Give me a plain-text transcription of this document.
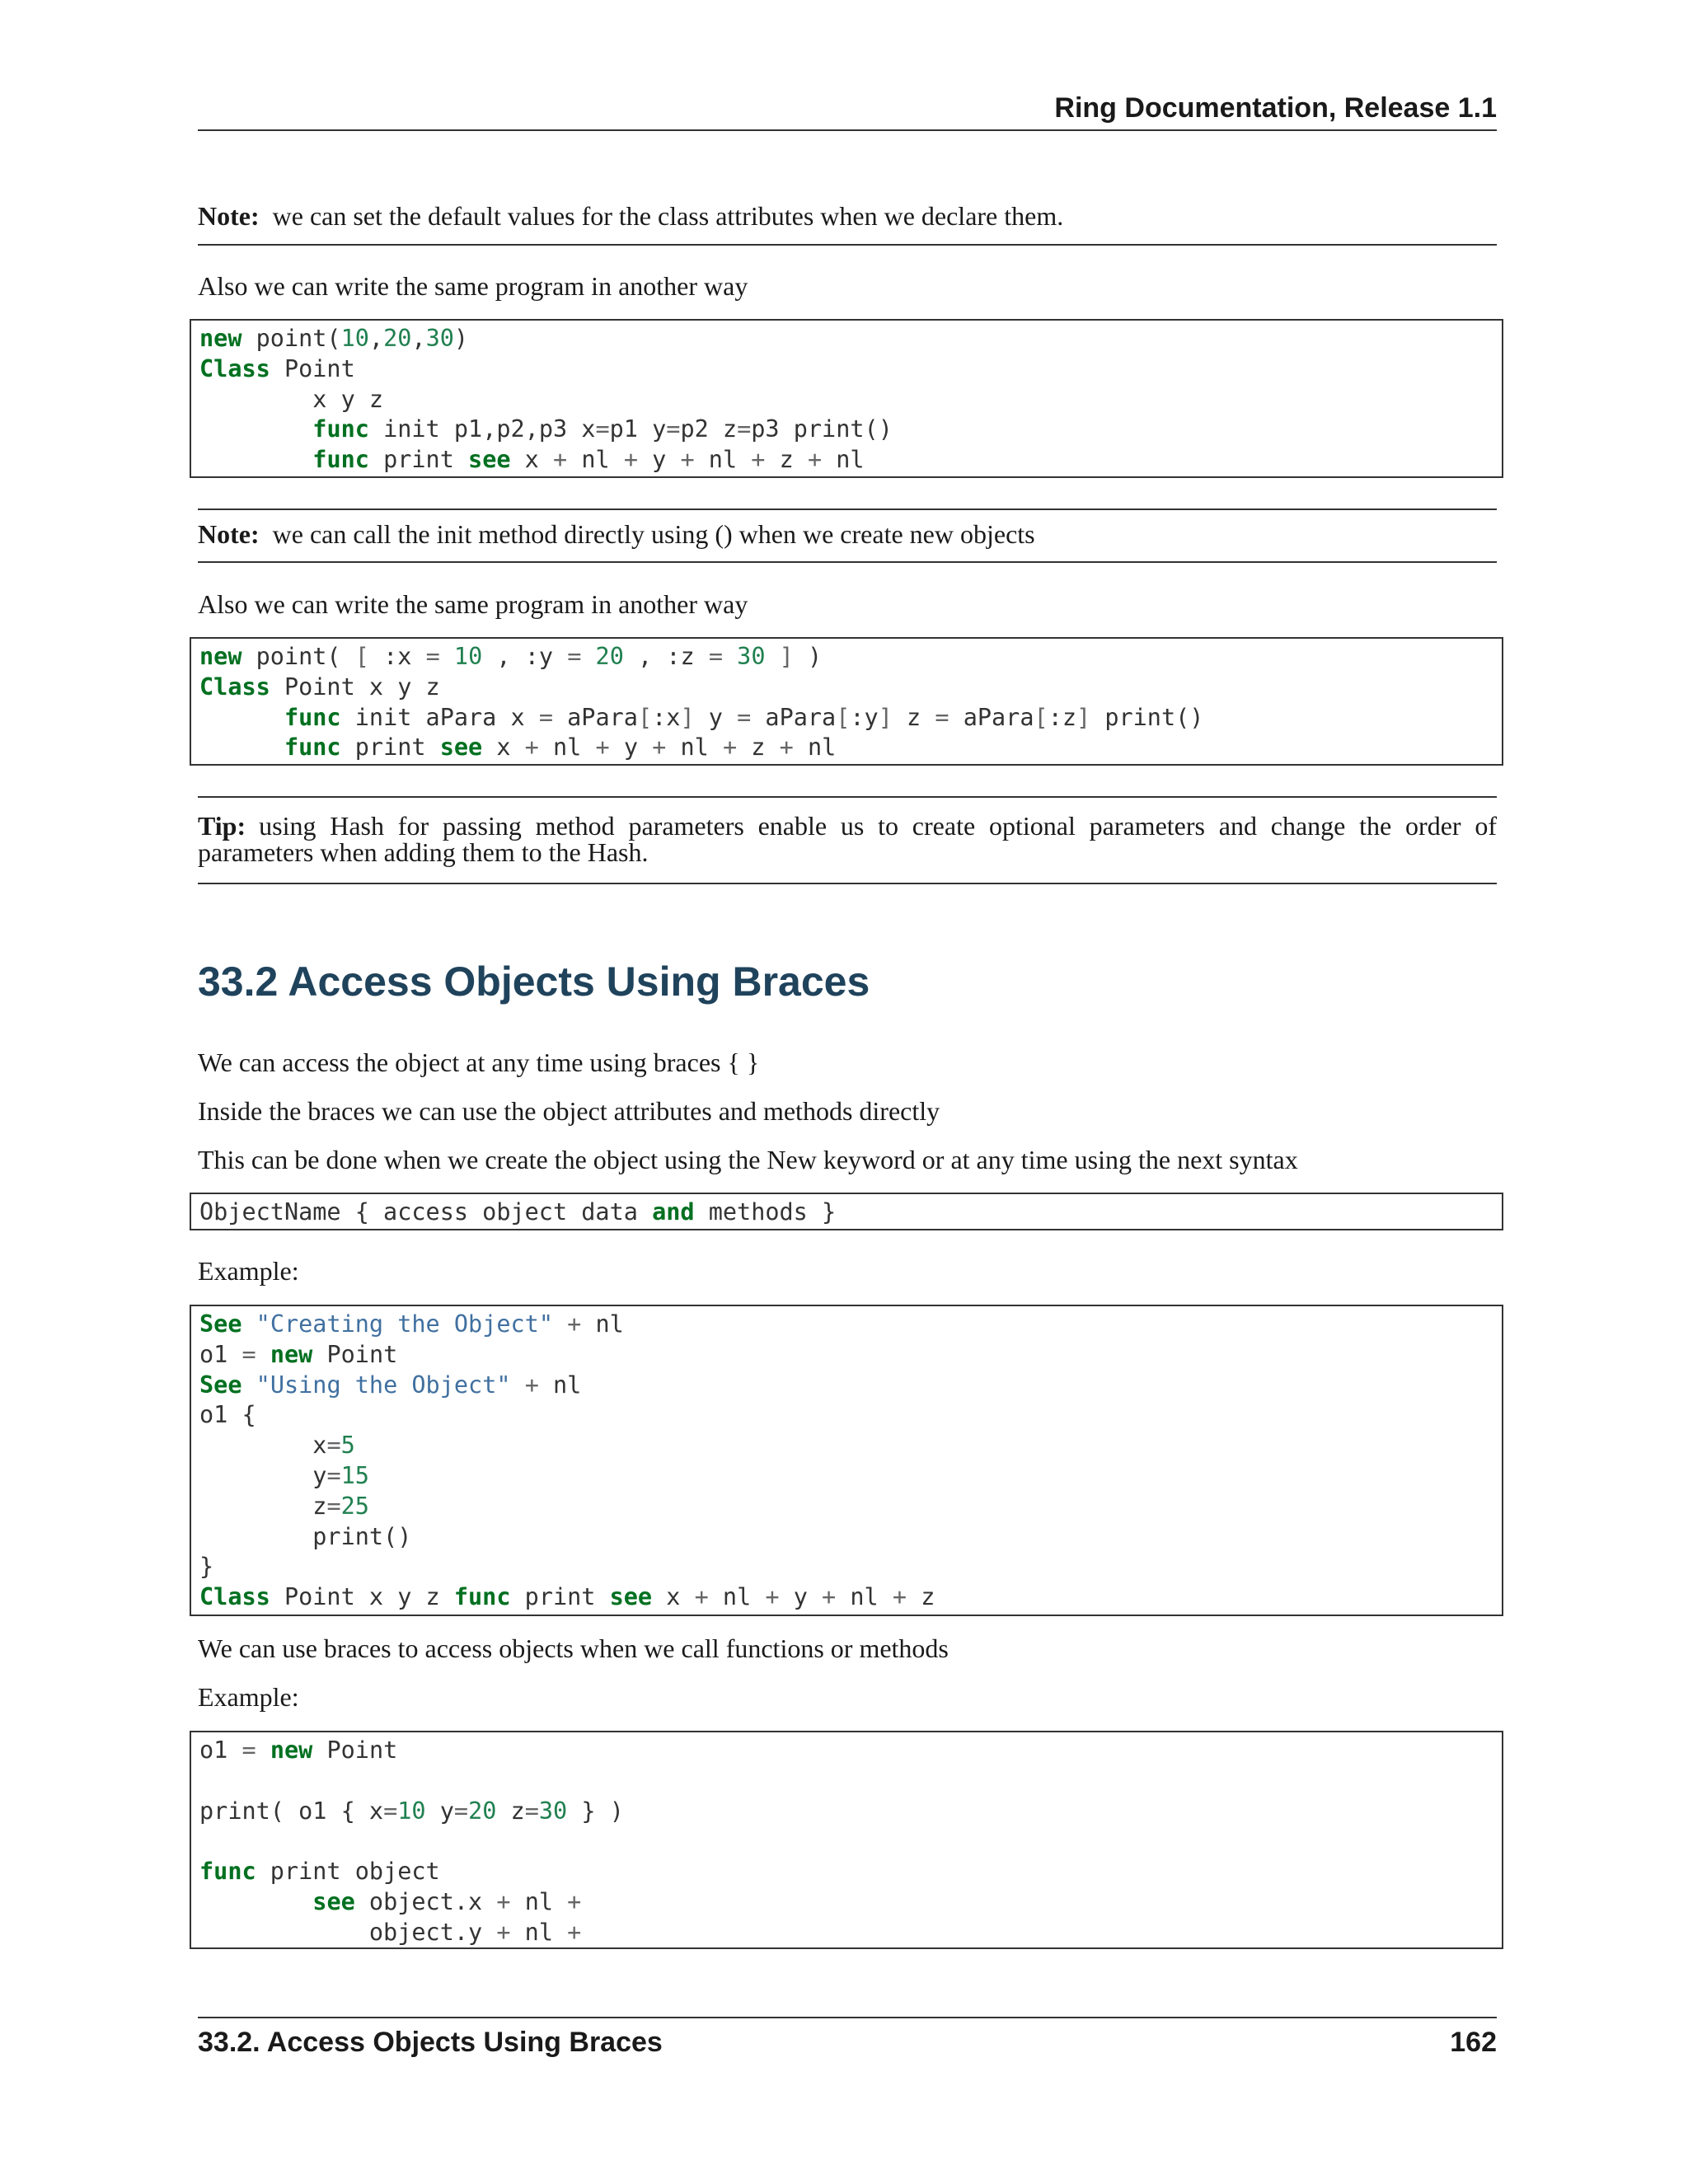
Ring Documentation, Release 1.1
Note: we can set the default values for the class attributes when we declare them.
Also we can write the same program in another way
new point(10,20,30)
Class Point
x y z
func init p1,p2,p3 x=p1 y=p2 z=p3 print()
func print see x + nl + y + nl + z + nl
Note: we can call the init method directly using () when we create new objects
Also we can write the same program in another way
new point( [ :x = 10 , :y = 20 , :z = 30 ] )
Class Point x y z
func init aPara x = aPara[:x] y = aPara[:y] z = aPara[:z] print()
func print see x + nl + y + nl + z + nl
Tip: using Hash for passing method parameters enable us to create optional parameters and change the order of parameters when adding them to the Hash.
33.2 Access Objects Using Braces
We can access the object at any time using braces { }
Inside the braces we can use the object attributes and methods directly
This can be done when we create the object using the New keyword or at any time using the next syntax
ObjectName { access object data and methods }
Example:
See "Creating the Object" + nl
o1 = new Point
See "Using the Object" + nl
o1 {
x=5
y=15
z=25
print()
}
Class Point x y z func print see x + nl + y + nl + z
We can use braces to access objects when we call functions or methods
Example:
o1 = new Point
print( o1 { x=10 y=20 z=30 } )
func print object
see object.x + nl +
object.y + nl +
33.2. Access Objects Using Braces	162
